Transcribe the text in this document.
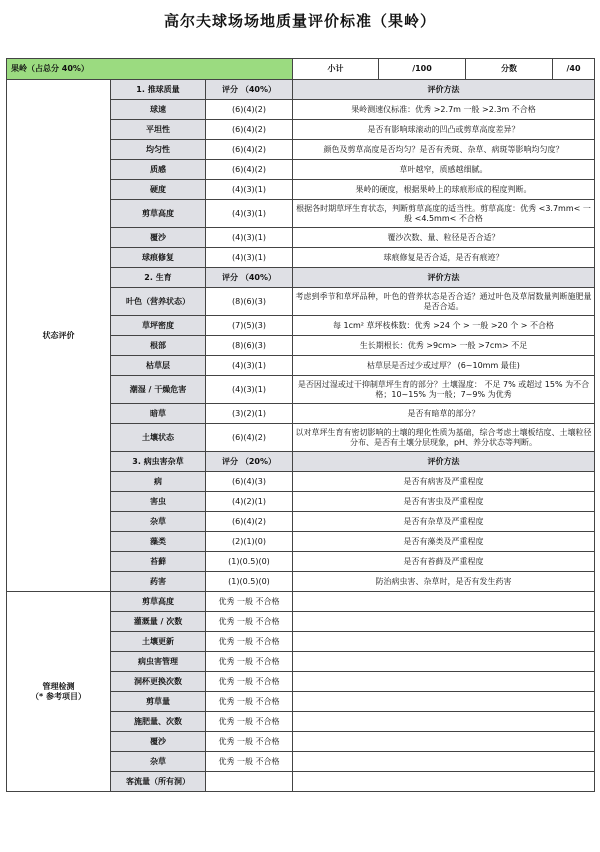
高尔夫球场场地质量评价标准（果岭）
果岭（占总分 40%）			小计	/100	分数	/40
状态评价	1. 推球质量	评分 （40%）	评价方法			
	球速	(6)(4)(2)	果岭测速仪标准：优秀 >2.7m 一般 >2.3m 不合格			
	平坦性	(6)(4)(2)	是否有影响球滚动的凹凸或剪草高度差异？			
	均匀性	(6)(4)(2)	颜色及剪草高度是否均匀？是否有秃斑、杂草、病斑等影响均匀度？			
	质感	(6)(4)(2)	草叶越窄，质感越细腻。			
	硬度	(4)(3)(1)	果岭的硬度，根据果岭上的球痕形成的程度判断。			
	剪草高度	(4)(3)(1)	根据各时期草坪生育状态，判断剪草高度的适当性。剪草高度：优秀 <3.7mm< 一般 <4.5mm< 不合格			
	覆沙	(4)(3)(1)	覆沙次数、量、粒径是否合适？			
	球痕修复	(4)(3)(1)	球痕修复是否合适，是否有痕迹？			
	2. 生育	评分 （40%）	评价方法			
	叶色（营养状态）	(8)(6)(3)	考虑到季节和草坪品种，叶色的营养状态是否合适？通过叶色及草屑数量判断施肥量是否合适。			
	草坪密度	(7)(5)(3)	每 1cm² 草坪枝株数：优秀 >24 个 > 一般 >20 个 > 不合格			
	根部	(8)(6)(3)	生长期根长：优秀 >9cm> 一般 >7cm> 不足			
	枯草层	(4)(3)(1)	枯草层是否过少或过厚？ (6~10mm 最佳)			
	潮湿 / 干燥危害	(4)(3)(1)	是否因过湿或过干抑制草坪生育的部分？土壤湿度： 不足 7% 或超过 15% 为不合格；10~15% 为一般；7~9% 为优秀			
	暗草	(3)(2)(1)	是否有暗草的部分？			
	土壤状态	(6)(4)(2)	以对草坪生育有密切影响的土壤的理化性质为基础，综合考虑土壤板结度、土壤粒径分布、是否有土壤分层现象，pH、养分状态等判断。			
	3. 病虫害杂草	评分 （20%）	评价方法			
	病	(6)(4)(3)	是否有病害及严重程度			
	害虫	(4)(2)(1)	是否有害虫及严重程度			
	杂草	(6)(4)(2)	是否有杂草及严重程度			
	藻类	(2)(1)(0)	是否有藻类及严重程度			
	苔藓	(1)(0.5)(0)	是否有苔藓及严重程度			
	药害	(1)(0.5)(0)	防治病虫害、杂草时，是否有发生药害			

管理检测
（* 参考项目）	剪草高度	优秀 一般 不合格				
	灌溉量 / 次数	优秀 一般 不合格				
	土壤更新	优秀 一般 不合格				
	病虫害管理	优秀 一般 不合格				
	洞杯更换次数	优秀 一般 不合格				
	剪草量	优秀 一般 不合格				
	施肥量、次数	优秀 一般 不合格				
	覆沙	优秀 一般 不合格				
	杂草	优秀 一般 不合格				
	客流量（所有洞）					
